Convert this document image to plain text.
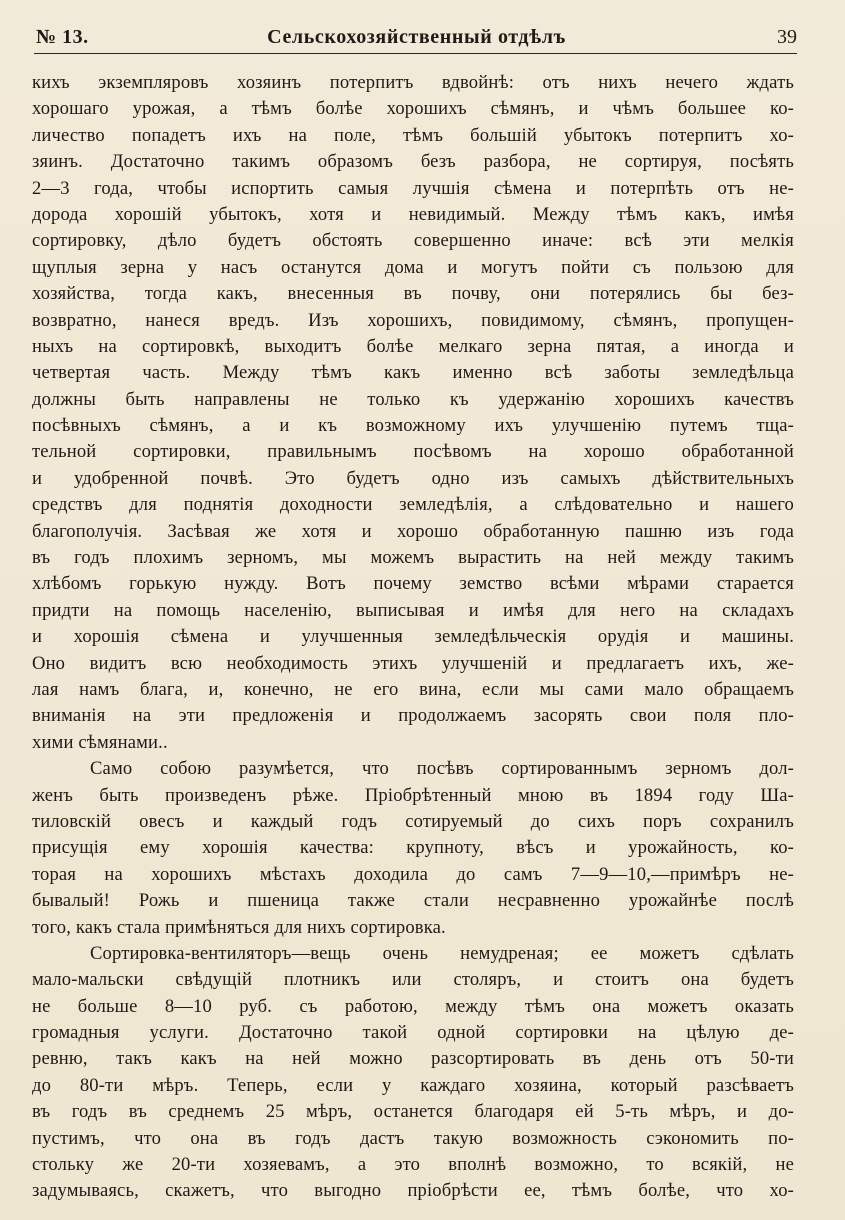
№ 13.	Сельскохозяйственный отдѣлъ	39
кихъ экземпляровъ хозяинъ потерпитъ вдвойнѣ: отъ нихъ нечего ждать
хорошаго урожая, а тѣмъ болѣе хорошихъ сѣмянъ, и чѣмъ большее ко-
личество попадетъ ихъ на поле, тѣмъ большій убытокъ потерпитъ хо-
зяинъ. Достаточно такимъ образомъ безъ разбора, не сортируя, посѣять
2—3 года, чтобы испортить самыя лучшія сѣмена и потерпѣть отъ не-
дорода хорошій убытокъ, хотя и невидимый. Между тѣмъ какъ, имѣя
сортировку, дѣло будетъ обстоять совершенно иначе: всѣ эти мелкія
щуплыя зерна у насъ останутся дома и могутъ пойти съ пользою для
хозяйства, тогда какъ, внесенныя въ почву, они потерялись бы без-
возвратно, нанеся вредъ. Изъ хорошихъ, повидимому, сѣмянъ, пропущен-
ныхъ на сортировкѣ, выходитъ болѣе мелкаго зерна пятая, а иногда и
четвертая часть. Между тѣмъ какъ именно всѣ заботы земледѣльца
должны быть направлены не только къ удержанію хорошихъ качествъ
посѣвныхъ сѣмянъ, а и къ возможному ихъ улучшенію путемъ тща-
тельной сортировки, правильнымъ посѣвомъ на хорошо обработанной
и удобренной почвѣ. Это будетъ одно изъ самыхъ дѣйствительныхъ
средствъ для поднятія доходности земледѣлія, а слѣдовательно и нашего
благополучія. Засѣвая же хотя и хорошо обработанную пашню изъ года
въ годъ плохимъ зерномъ, мы можемъ вырастить на ней между такимъ
хлѣбомъ горькую нужду. Вотъ почему земство всѣми мѣрами старается
придти на помощь населенію, выписывая и имѣя для него на складахъ
и хорошія сѣмена и улучшенныя земледѣльческія орудія и машины.
Оно видитъ всю необходимость этихъ улучшеній и предлагаетъ ихъ, же-
лая намъ блага, и, конечно, не его вина, если мы сами мало обращаемъ
вниманія на эти предложенія и продолжаемъ засорять свои поля пло-
хими сѣмянами..
Само собою разумѣется, что посѣвъ сортированнымъ зерномъ дол-
женъ быть произведенъ рѣже. Пріобрѣтенный мною въ 1894 году Ша-
тиловскій овесъ и каждый годъ сотируемый до сихъ поръ сохранилъ
присущія ему хорошія качества: крупноту, вѣсъ и урожайность, ко-
торая на хорошихъ мѣстахъ доходила до самъ 7—9—10,—примѣръ не-
бывалый! Рожь и пшеница также стали несравненно урожайнѣе послѣ
того, какъ стала примѣняться для нихъ сортировка.
Сортировка-вентиляторъ—вещь очень немудреная; ее можетъ сдѣлать
мало-мальски свѣдущій плотникъ или столяръ, и стоитъ она будетъ
не больше 8—10 руб. съ работою, между тѣмъ она можетъ оказать
громадныя услуги. Достаточно такой одной сортировки на цѣлую де-
ревню, такъ какъ на ней можно разсортировать въ день отъ 50-ти
до 80-ти мѣръ. Теперь, если у каждаго хозяина, который разсѣваетъ
въ годъ въ среднемъ 25 мѣръ, останется благодаря ей 5-ть мѣръ, и до-
пустимъ, что она въ годъ дастъ такую возможность сэкономить по-
стольку же 20-ти хозяевамъ, а это вполнѣ возможно, то всякій, не
задумываясь, скажетъ, что выгодно пріобрѣсти ее, тѣмъ болѣе, что хо-
